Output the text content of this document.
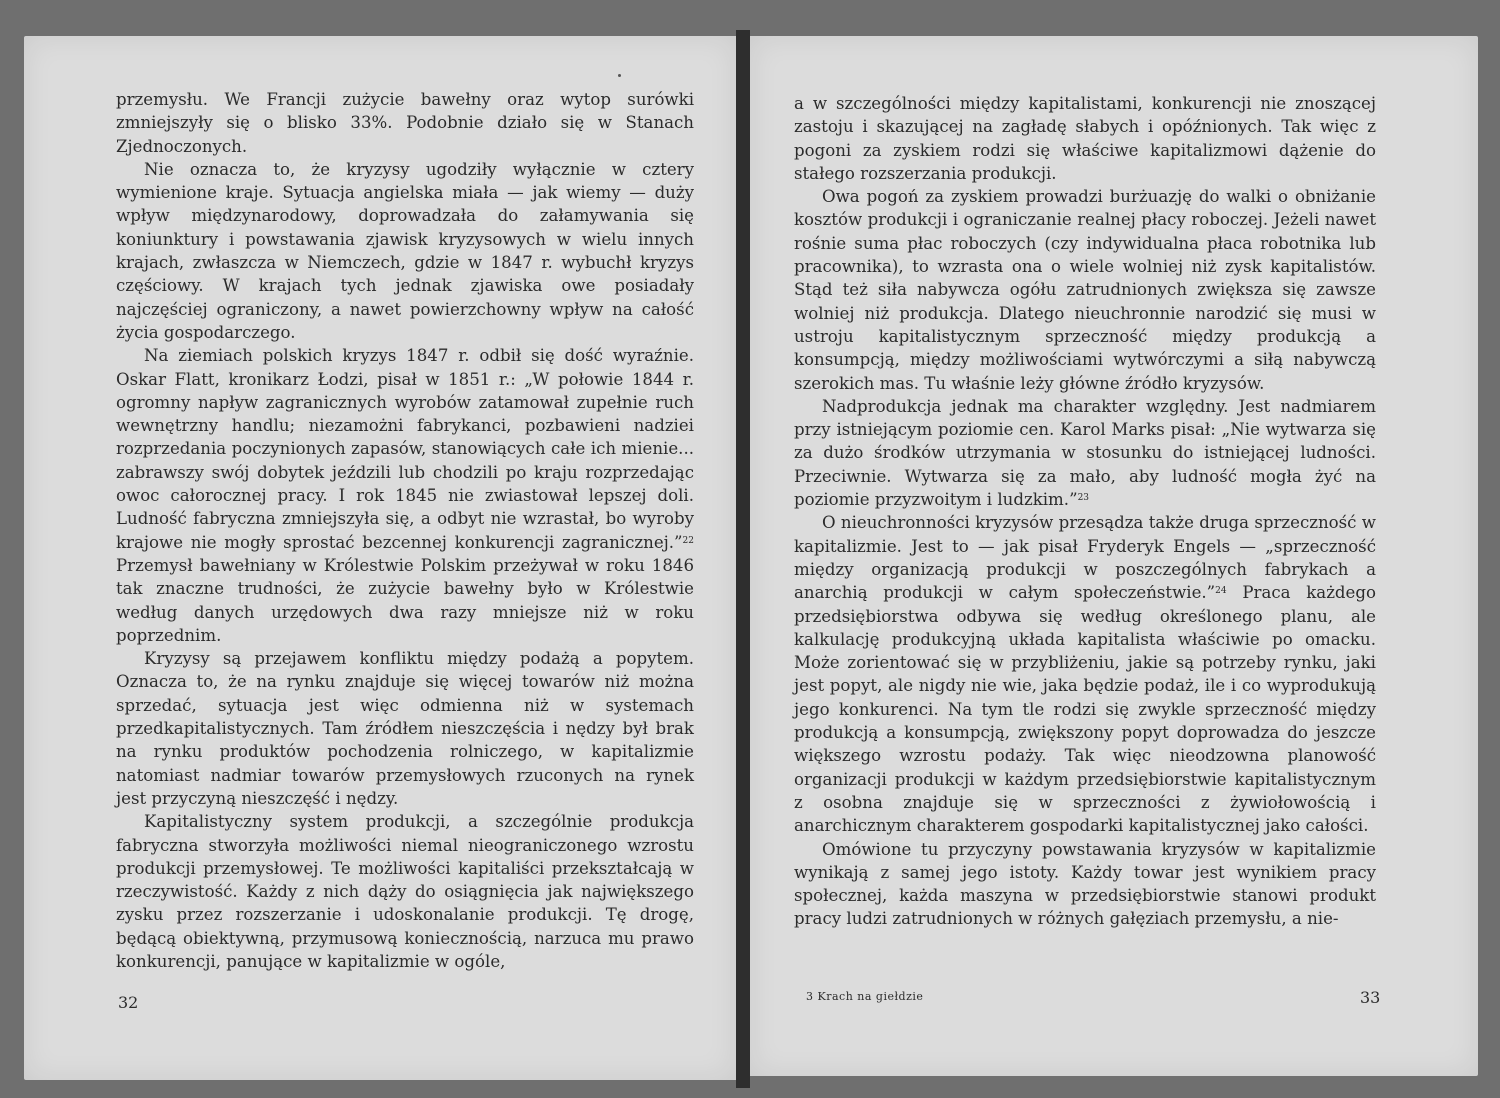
przemysłu. We Francji zużycie bawełny oraz wytop surówki zmniejszyły się o blisko 33%. Podobnie działo się w Stanach Zjednoczonych.

Nie oznacza to, że kryzysy ugodziły wyłącznie w cztery wymienione kraje. Sytuacja angielska miała — jak wiemy — duży wpływ międzynarodowy, doprowadzała do załamywania się koniunktury i powstawania zjawisk kryzysowych w wielu innych krajach, zwłaszcza w Niemczech, gdzie w 1847 r. wybuchł kryzys częściowy. W krajach tych jednak zjawiska owe posiadały najczęściej ograniczony, a nawet powierzchowny wpływ na całość życia gospodarczego.

Na ziemiach polskich kryzys 1847 r. odbił się dość wyraźnie. Oskar Flatt, kronikarz Łodzi, pisał w 1851 r.: „W połowie 1844 r. ogromny napływ zagranicznych wyrobów zatamował zupełnie ruch wewnętrzny handlu; niezamożni fabrykanci, pozbawieni nadziei rozprzedania poczynionych zapasów, stanowiących całe ich mienie... zabrawszy swój dobytek jeździli lub chodzili po kraju rozprzedając owoc całorocznej pracy. I rok 1845 nie zwiastował lepszej doli. Ludność fabryczna zmniejszyła się, a odbyt nie wzrastał, bo wyroby krajowe nie mogły sprostać bezcennej konkurencji zagranicznej.”$^{22}$ Przemysł bawełniany w Królestwie Polskim przeżywał w roku 1846 tak znaczne trudności, że zużycie bawełny było w Królestwie według danych urzędowych dwa razy mniejsze niż w roku poprzednim.

Kryzysy są przejawem konfliktu między podażą a popytem. Oznacza to, że na rynku znajduje się więcej towarów niż można sprzedać, sytuacja jest więc odmienna niż w systemach przedkapitalistycznych. Tam źródłem nieszczęścia i nędzy był brak na rynku produktów pochodzenia rolniczego, w kapitalizmie natomiast nadmiar towarów przemysłowych rzuconych na rynek jest przyczyną nieszczęść i nędzy.

Kapitalistyczny system produkcji, a szczególnie produkcja fabryczna stworzyła możliwości niemal nieograniczonego wzrostu produkcji przemysłowej. Te możliwości kapitaliści przekształcają w rzeczywistość. Każdy z nich dąży do osiągnięcia jak największego zysku przez rozszerzanie i udoskonalanie produkcji. Tę drogę, będącą obiektywną, przymusową koniecznością, narzuca mu prawo konkurencji, panujące w kapitalizmie w ogóle,

32

a w szczególności między kapitalistami, konkurencji nie znoszącej zastoju i skazującej na zagładę słabych i opóźnionych. Tak więc z pogoni za zyskiem rodzi się właściwe kapitalizmowi dążenie do stałego rozszerzania produkcji.

Owa pogoń za zyskiem prowadzi burżuazję do walki o obniżanie kosztów produkcji i ograniczanie realnej płacy roboczej. Jeżeli nawet rośnie suma płac roboczych (czy indywidualna płaca robotnika lub pracownika), to wzrasta ona o wiele wolniej niż zysk kapitalistów. Stąd też siła nabywcza ogółu zatrudnionych zwiększa się zawsze wolniej niż produkcja. Dlatego nieuchronnie narodzić się musi w ustroju kapitalistycznym sprzeczność między produkcją a konsumpcją, między możliwościami wytwórczymi a siłą nabywczą szerokich mas. Tu właśnie leży główne źródło kryzysów.

Nadprodukcja jednak ma charakter względny. Jest nadmiarem przy istniejącym poziomie cen. Karol Marks pisał: „Nie wytwarza się za dużo środków utrzymania w stosunku do istniejącej ludności. Przeciwnie. Wytwarza się za mało, aby ludność mogła żyć na poziomie przyzwoitym i ludzkim.”$^{23}$

O nieuchronności kryzysów przesądza także druga sprzeczność w kapitalizmie. Jest to — jak pisał Fryderyk Engels — „sprzeczność między organizacją produkcji w poszczególnych fabrykach a anarchią produkcji w całym społeczeństwie.”$^{24}$ Praca każdego przedsiębiorstwa odbywa się według określonego planu, ale kalkulację produkcyjną układa kapitalista właściwie po omacku. Może zorientować się w przybliżeniu, jakie są potrzeby rynku, jaki jest popyt, ale nigdy nie wie, jaka będzie podaż, ile i co wyprodukują jego konkurenci. Na tym tle rodzi się zwykle sprzeczność między produkcją a konsumpcją, zwiększony popyt doprowadza do jeszcze większego wzrostu podaży. Tak więc nieodzowna planowość organizacji produkcji w każdym przedsiębiorstwie kapitalistycznym z osobna znajduje się w sprzeczności z żywiołowością i anarchicznym charakterem gospodarki kapitalistycznej jako całości.

Omówione tu przyczyny powstawania kryzysów w kapitalizmie wynikają z samej jego istoty. Każdy towar jest wynikiem pracy społecznej, każda maszyna w przedsiębiorstwie stanowi produkt pracy ludzi zatrudnionych w różnych gałęziach przemysłu, a nie-

3 Krach na giełdzie	33
